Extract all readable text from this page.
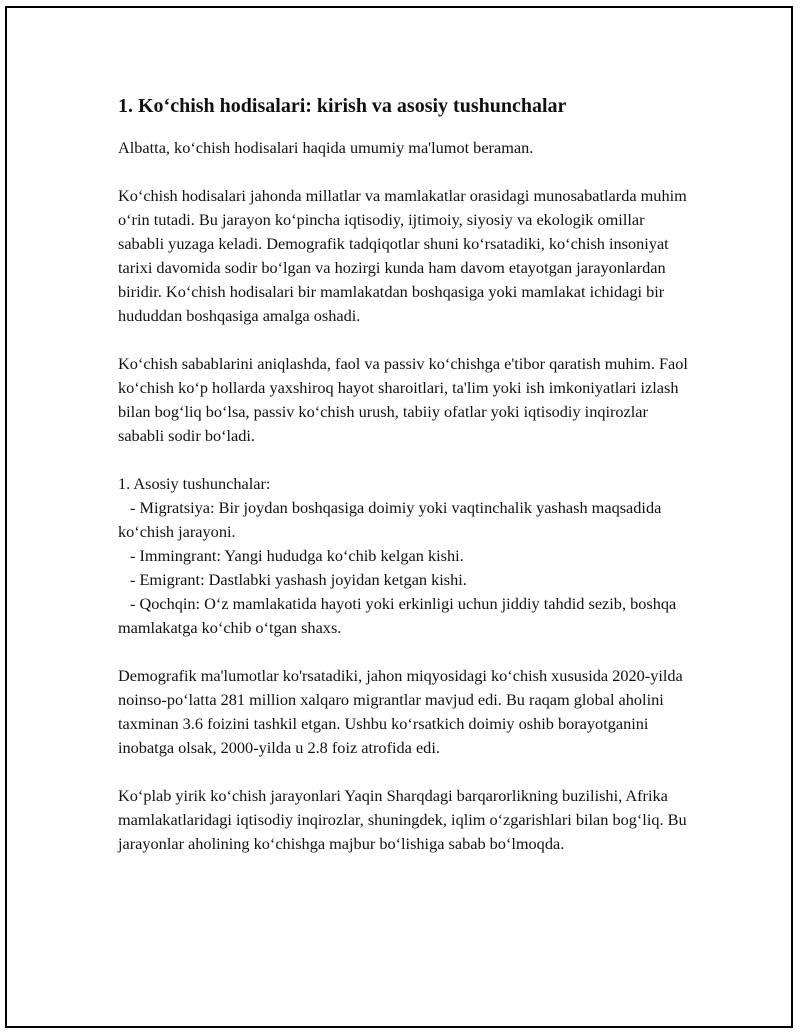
1. Ko‘chish hodisalari: kirish va asosiy tushunchalar

Albatta, ko‘chish hodisalari haqida umumiy ma'lumot beraman.

Ko‘chish hodisalari jahonda millatlar va mamlakatlar orasidagi munosabatlarda muhim o‘rin tutadi. Bu jarayon ko‘pincha iqtisodiy, ijtimoiy, siyosiy va ekologik omillar sababli yuzaga keladi. Demografik tadqiqotlar shuni ko‘rsatadiki, ko‘chish insoniyat tarixi davomida sodir bo‘lgan va hozirgi kunda ham davom etayotgan jarayonlardan biridir. Ko‘chish hodisalari bir mamlakatdan boshqasiga yoki mamlakat ichidagi bir hududdan boshqasiga amalga oshadi.

Ko‘chish sabablarini aniqlashda, faol va passiv ko‘chishga e'tibor qaratish muhim. Faol ko‘chish ko‘p hollarda yaxshiroq hayot sharoitlari, ta'lim yoki ish imkoniyatlari izlash bilan bog‘liq bo‘lsa, passiv ko‘chish urush, tabiiy ofatlar yoki iqtisodiy inqirozlar sababli sodir bo‘ladi.

1. Asosiy tushunchalar:

- Migratsiya: Bir joydan boshqasiga doimiy yoki vaqtinchalik yashash maqsadida ko‘chish jarayoni.

- Immingrant: Yangi hududga ko‘chib kelgan kishi.

- Emigrant: Dastlabki yashash joyidan ketgan kishi.

- Qochqin: O‘z mamlakatida hayoti yoki erkinligi uchun jiddiy tahdid sezib, boshqa mamlakatga ko‘chib o‘tgan shaxs.

Demografik ma'lumotlar ko'rsatadiki, jahon miqyosidagi ko‘chish xususida 2020-yilda noinso-po‘latta 281 million xalqaro migrantlar mavjud edi. Bu raqam global aholini taxminan 3.6 foizini tashkil etgan. Ushbu ko‘rsatkich doimiy oshib borayotganini inobatga olsak, 2000-yilda u 2.8 foiz atrofida edi.

Ko‘plab yirik ko‘chish jarayonlari Yaqin Sharqdagi barqarorlikning buzilishi, Afrika mamlakatlaridagi iqtisodiy inqirozlar, shuningdek, iqlim o‘zgarishlari bilan bog‘liq. Bu jarayonlar aholining ko‘chishga majbur bo‘lishiga sabab bo‘lmoqda.
